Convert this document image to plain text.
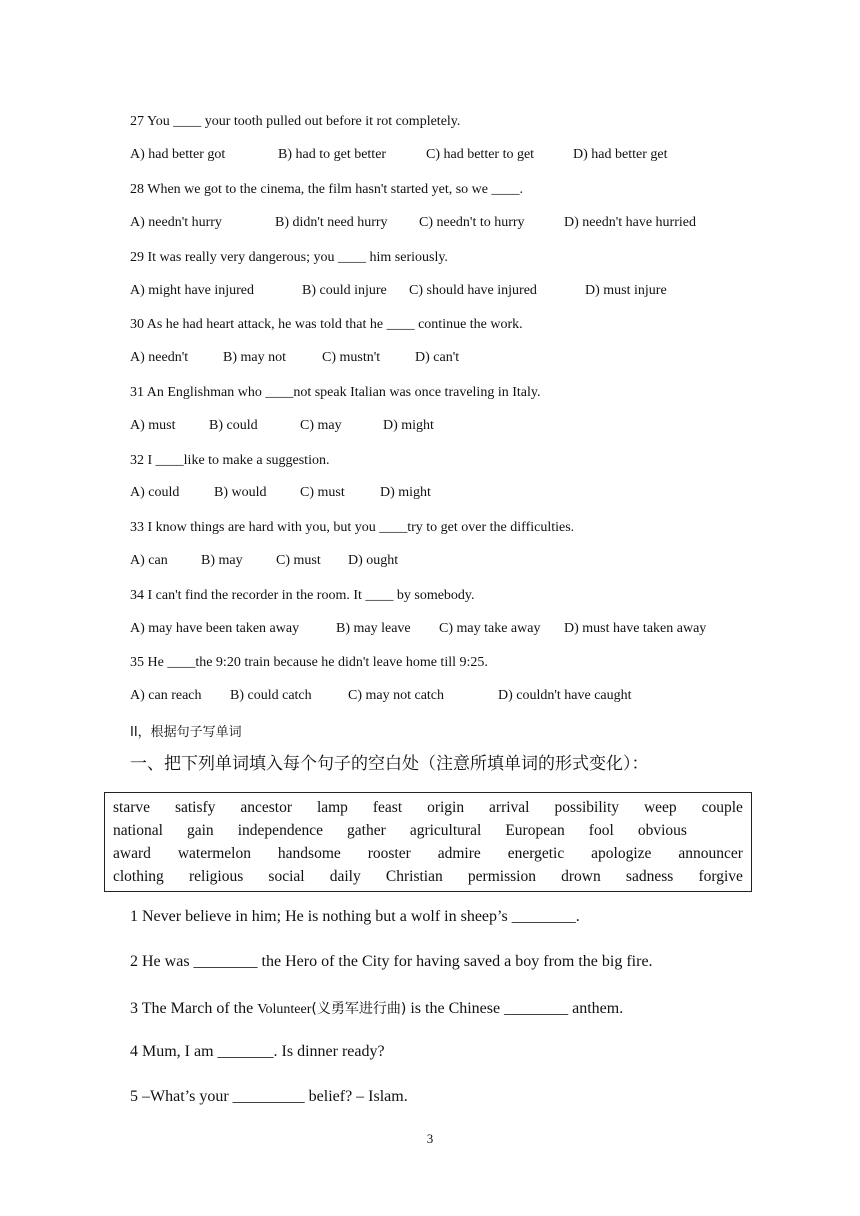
27 You ____ your tooth pulled out before it rot completely.
A) had better got	B) had to get better	C) had better to get	D) had better get
28 When we got to the cinema, the film hasn't started yet, so we ____.
A) needn't hurry	B) didn't need hurry C) needn't to hurry	D) needn't have hurried
29 It was really very dangerous; you ____ him seriously.
A) might have injured	B) could injure C) should have injured	D) must injure
30 As he had heart attack, he was told that he ____ continue the work.
A) needn't B) may not	C) mustn't D) can't
31 An Englishman who ____not speak Italian was once traveling in Italy.
A) must B) could	C) may	D) might
32 I ____like to make a suggestion.
A) could B) would C) must	D) might
33 I know things are hard with you, but you ____try to get over the difficulties.
A) can B) may C) must D) ought
34 I can't find the recorder in the room. It ____ by somebody.
A) may have been taken away	B) may leave C) may take away D) must have taken away
35 He ____the 9:20 train because he didn't leave home till 9:25.
A) can reach B) could catch	C) may not catch	D) couldn't have caught
II，根据句子写单词
一、把下列单词填入每个句子的空白处（注意所填单词的形式变化）：
starve satisfy ancestor lamp feast origin arrival possibility weep couple
national gain independence gather agricultural European fool obvious
award watermelon handsome rooster admire energetic apologize announcer
clothing religious social daily Christian permission drown sadness forgive
1 Never believe in him; He is nothing but a wolf in sheep’s ________.
2 He was ________ the Hero of the City for having saved a boy from the big fire.
3 The March of the Volunteer(义勇军进行曲) is the Chinese ________ anthem.
4 Mum, I am _______. Is dinner ready?
5 –What’s your _________ belief? – Islam.
3
